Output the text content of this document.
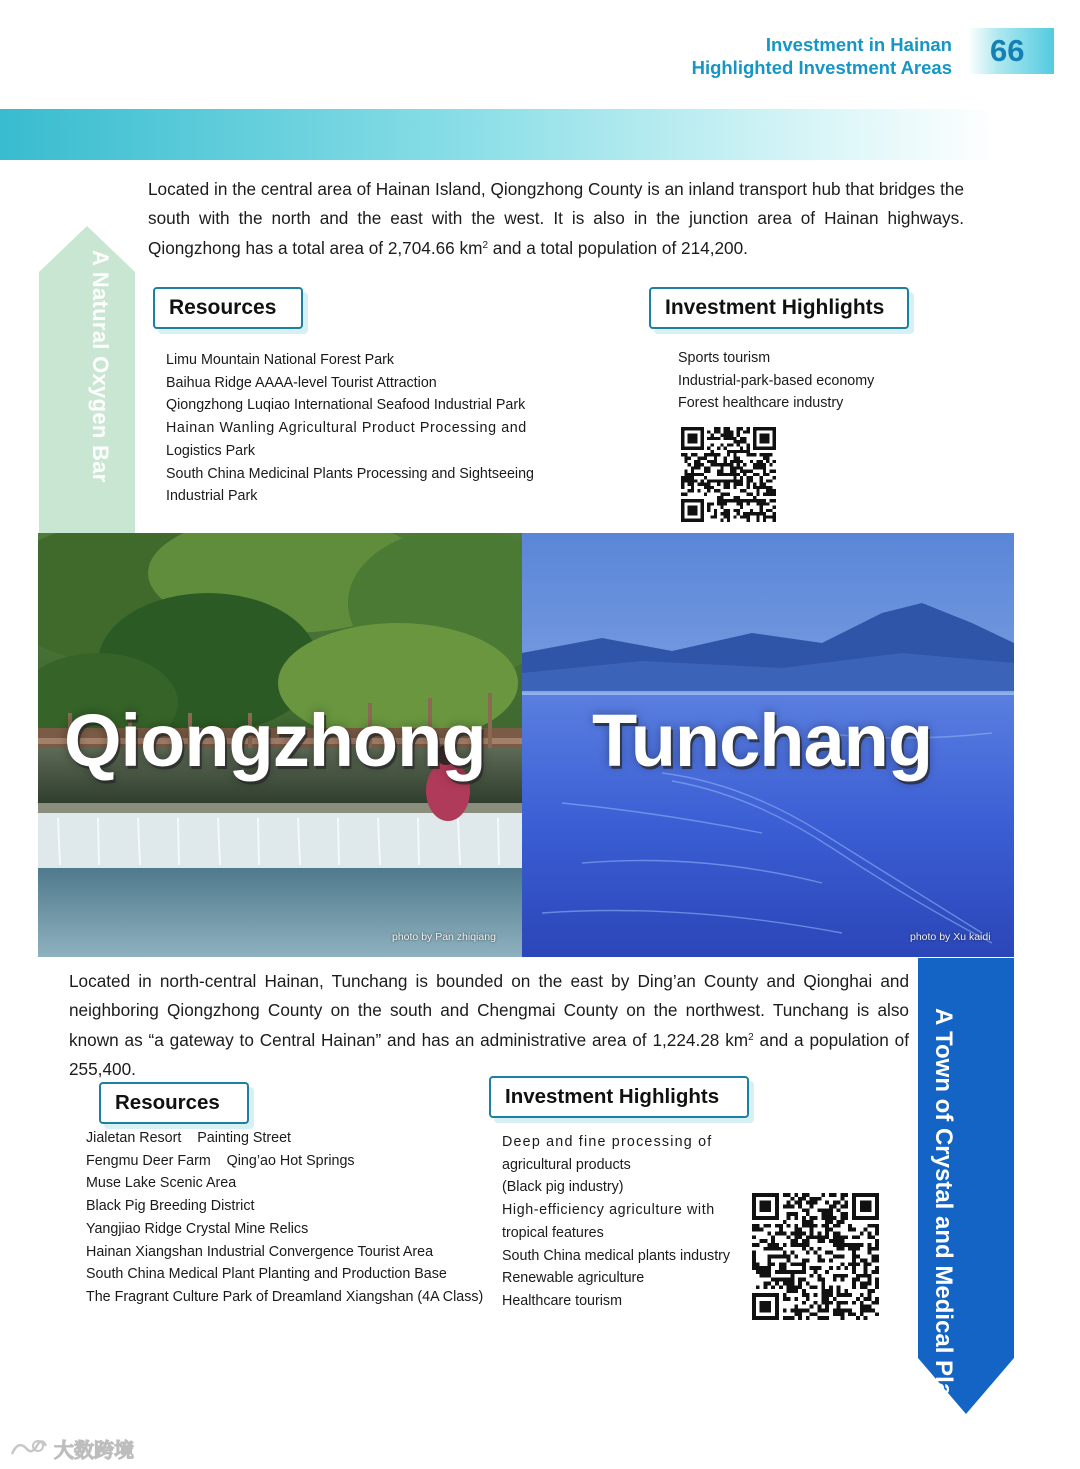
Investment in Hainan
Highlighted Investment Areas	66
A Natural Oxygen Bar

Located in the central area of Hainan Island, Qiongzhong County is an inland transport hub that bridges the south with the north and the east with the west. It is also in the junction area of Hainan highways. Qiongzhong has a total area of 2,704.66 $km^2$ and a total population of 214,200.

Resources
Limu Mountain National Forest Park
Baihua Ridge AAAA-level Tourist Attraction
Qiongzhong Luqiao International Seafood Industrial Park
Hainan Wanling Agricultural Product Processing and
Logistics Park
South China Medicinal Plants Processing and Sightseeing
Industrial Park
Investment Highlights
Sports tourism
Industrial-park-based economy
Forest healthcare industry
Qiongzhong Tunchang
photo by Pan zhiqiang	photo by Xu kaidi
A Town of Crystal and Medical Plants

Located in north-central Hainan, Tunchang is bounded on the east by Ding’an County and Qionghai and neighboring Qiongzhong County on the south and Chengmai County on the northwest. Tunchang is also known as “a gateway to Central Hainan” and has an administrative area of 1,224.28 $km^2$ and a population of 255,400.

Resources
Jialetan Resort    Painting Street
Fengmu Deer Farm    Qing’ao Hot Springs
Muse Lake Scenic Area
Black Pig Breeding District
Yangjiao Ridge Crystal Mine Relics
Hainan Xiangshan Industrial Convergence Tourist Area
South China Medical Plant Planting and Production Base
The Fragrant Culture Park of Dreamland Xiangshan (4A Class)
Investment Highlights
Deep and fine processing of
agricultural products
(Black pig industry)
High-efficiency agriculture with
tropical features
South China medical plants industry
Renewable agriculture
Healthcare tourism
大数跨境
